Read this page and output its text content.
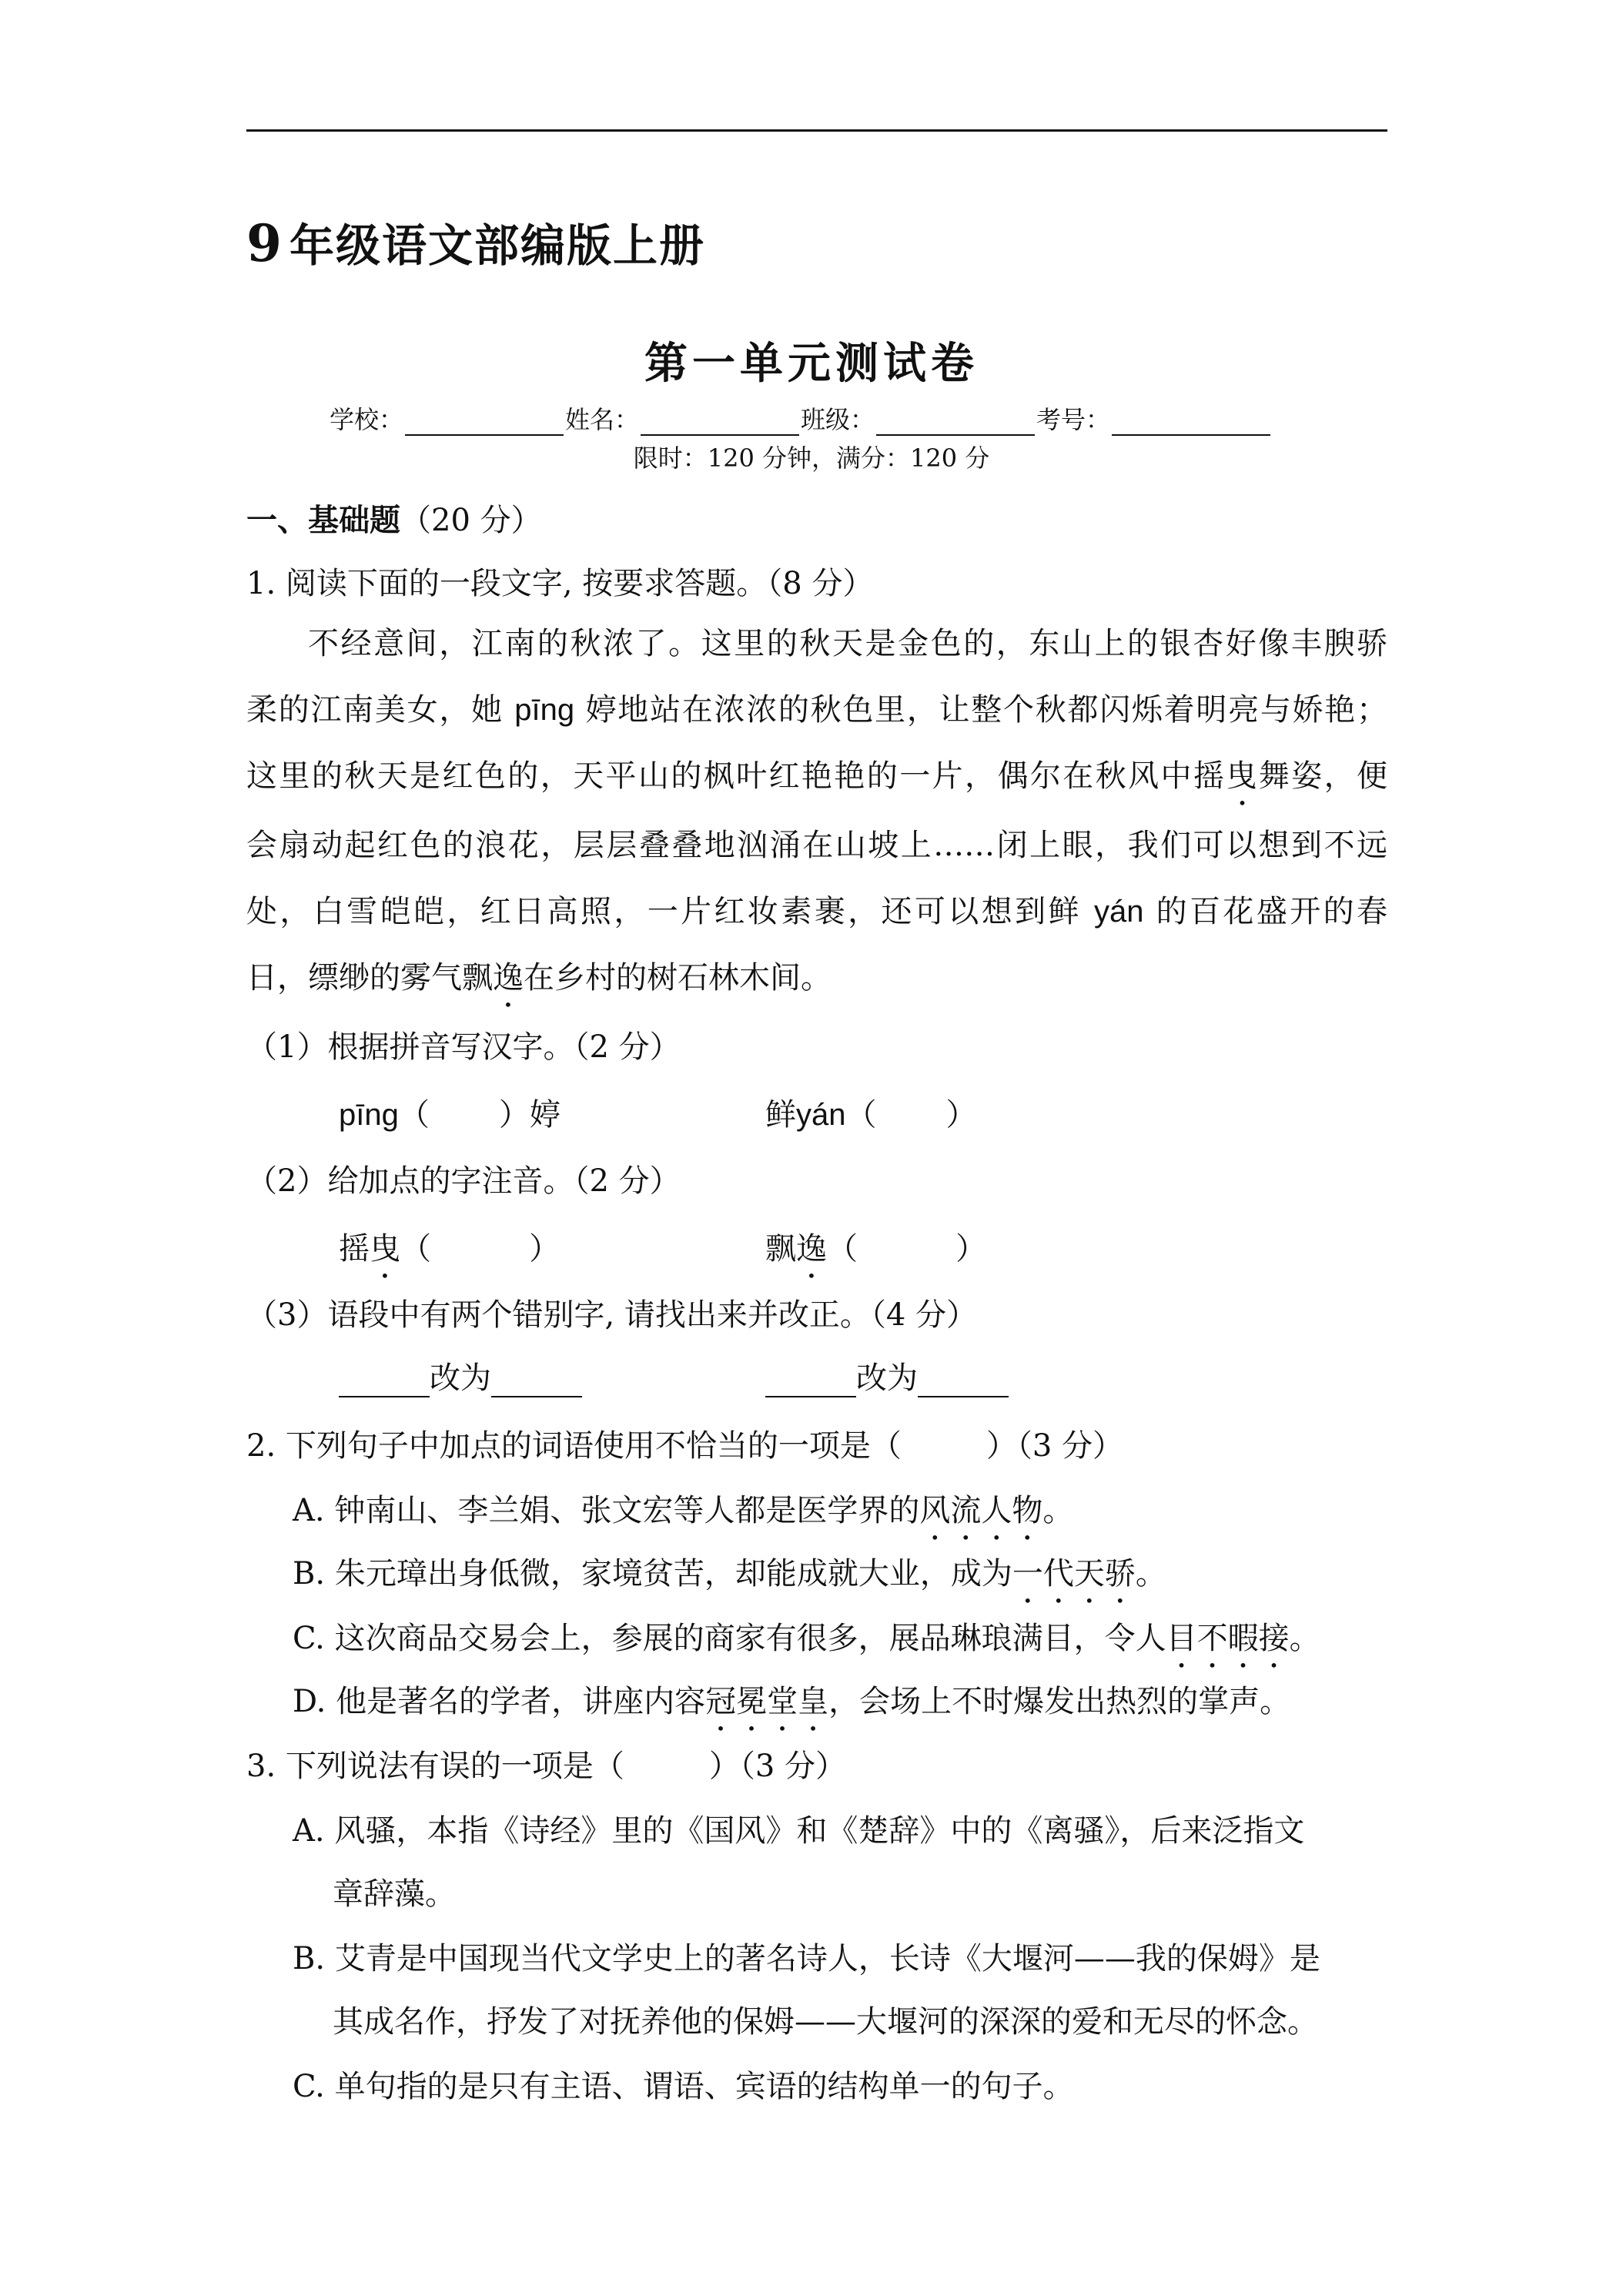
9 年级语文部编版上册
第一单元测试卷
学校：	姓名：	班级：	考号：
限时：120 分钟，满分：120 分
一、基础题（20 分）
1. 阅读下面的一段文字, 按要求答题。（8 分）
不经意间，江南的秋浓了。这里的秋天是金色的，东山上的银杏好像丰腴骄
柔的江南美女，她 pīng 婷地站在浓浓的秋色里，让整个秋都闪烁着明亮与娇艳；
这里的秋天是红色的，天平山的枫叶红艳艳的一片，偶尔在秋风中摇曳舞姿，便
会扇动起红色的浪花，层层叠叠地汹涌在山坡上……闭上眼，我们可以想到不远
处，白雪皑皑，红日高照，一片红妆素裹，还可以想到鲜 yán 的百花盛开的春
日，缥缈的雾气飘逸在乡村的树石林木间。
（1）根据拼音写汉字。（2 分）
pīng（ ）婷	鲜yán（ ）
（2）给加点的字注音。（2 分）
摇曳（          ）	飘逸（          ）
（3）语段中有两个错别字, 请找出来并改正。（4 分）
改为	改为
2. 下列句子中加点的词语使用不恰当的一项是（	）（3 分）
A. 钟南山、李兰娟、张文宏等人都是医学界的风流人物。
B. 朱元璋出身低微，家境贫苦，却能成就大业，成为一代天骄。
C. 这次商品交易会上，参展的商家有很多，展品琳琅满目，令人目不暇接。
D. 他是著名的学者，讲座内容冠冕堂皇，会场上不时爆发出热烈的掌声。
3. 下列说法有误的一项是（	）（3 分）
A. 风骚，本指《诗经》里的《国风》和《楚辞》中的《离骚》，后来泛指文
章辞藻。
B. 艾青是中国现当代文学史上的著名诗人，长诗《大堰河——我的保姆》是
其成名作，抒发了对抚养他的保姆——大堰河的深深的爱和无尽的怀念。
C. 单句指的是只有主语、谓语、宾语的结构单一的句子。
